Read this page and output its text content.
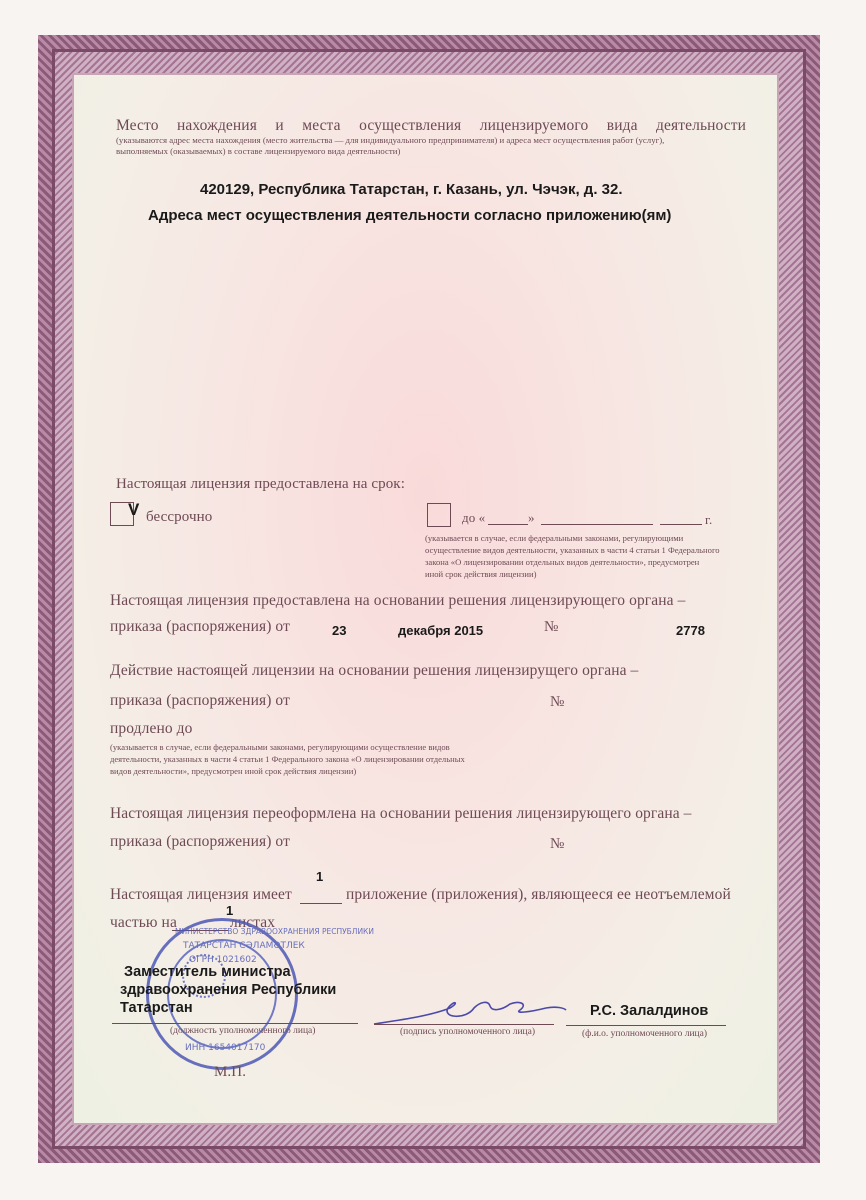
Место нахождения и места осуществления лицензируемого вида деятельности
(указываются адрес места нахождения (место жительства — для индивидуального предпринимателя) и адреса мест осуществления работ (услуг),
выполняемых (оказываемых) в составе лицензируемого вида деятельности)
420129, Республика Татарстан, г. Казань, ул. Чэчэк, д. 32.
Адреса мест осуществления деятельности согласно приложению(ям)
Настоящая лицензия предоставлена на срок:
V бессрочно	до «	»	г.
(указывается в случае, если федеральными законами, регулирующими
осуществление видов деятельности, указанных в части 4 статьи 1 Федерального
закона «О лицензировании отдельных видов деятельности», предусмотрен
иной срок действия лицензии)
Настоящая лицензия предоставлена на основании решения лицензирующего органа –
приказа (распоряжения) от	23	декабря 2015	№	2778
Действие настоящей лицензии на основании решения лицензирущего органа –
приказа (распоряжения) от	№
продлено до
(указывается в случае, если федеральными законами, регулирующими осуществление видов
деятельности, указанных в части 4 статьи 1 Федерального закона «О лицензировании отдельных
видов деятельности», предусмотрен иной срок действия лицензии)
Настоящая лицензия переоформлена на основании решения лицензирующего органа –
приказа (распоряжения) от	№
1
Настоящая лицензия имеет	приложение (приложения), являющееся ее неотъемлемой
частью на
1
листах
МИНИСТЕРСТВО ЗДРАВООХРАНЕНИЯ РЕСПУБЛИКИ
ТАТАРСТАН СӘЛАМӘТЛЕК
ОГРН 1021602
ИНН 1654017170
Заместитель министра
здравоохранения Республики
Татарстан
(должность уполномоченного лица)	(подпись уполномоченного лица)
Р.С. Залалдинов
(ф.и.о. уполномоченного лица)
М.П.
